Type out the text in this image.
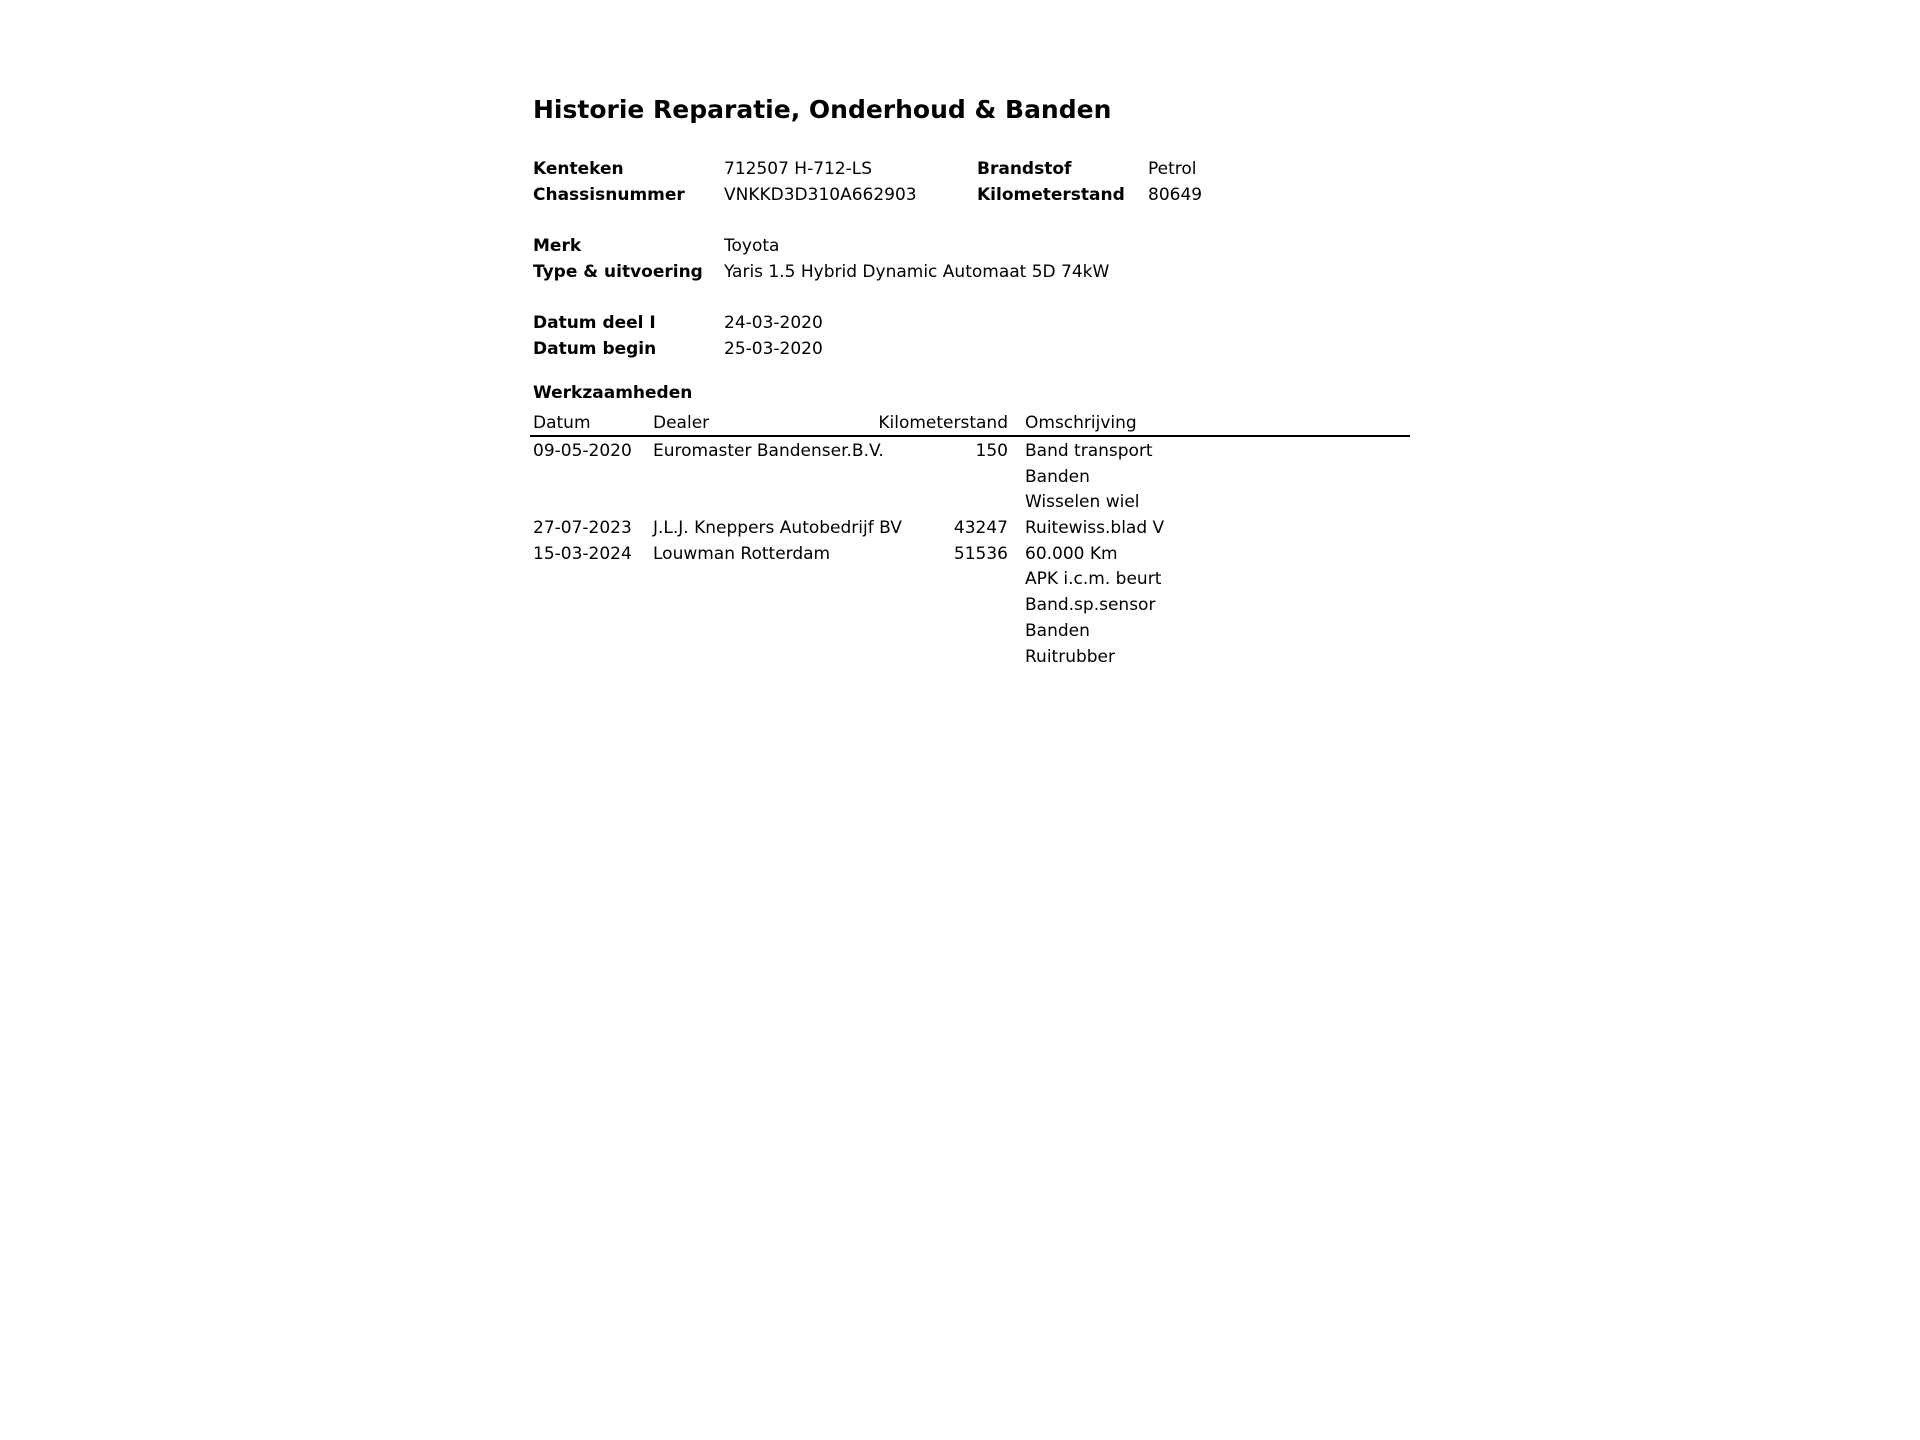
Historie Reparatie, Onderhoud & Banden
Kenteken	712507 H-712-LS	Brandstof	Petrol
Chassisnummer VNKKD3D310A662903	Kilometerstand 80649
Merk	Toyota
Type & uitvoering Yaris 1.5 Hybrid Dynamic Automaat 5D 74kW
Datum deel I	24-03-2020
Datum begin	25-03-2020
Werkzaamheden
Datum	Dealer	Kilometerstand Omschrijving
09-05-2020 Euromaster Bandenser.B.V.	150 Band transport
Banden
Wisselen wiel
27-07-2023 J.L.J. Kneppers Autobedrijf BV	43247 Ruitewiss.blad V
15-03-2024 Louwman Rotterdam	51536 60.000 Km
APK i.c.m. beurt
Band.sp.sensor
Banden
Ruitrubber
